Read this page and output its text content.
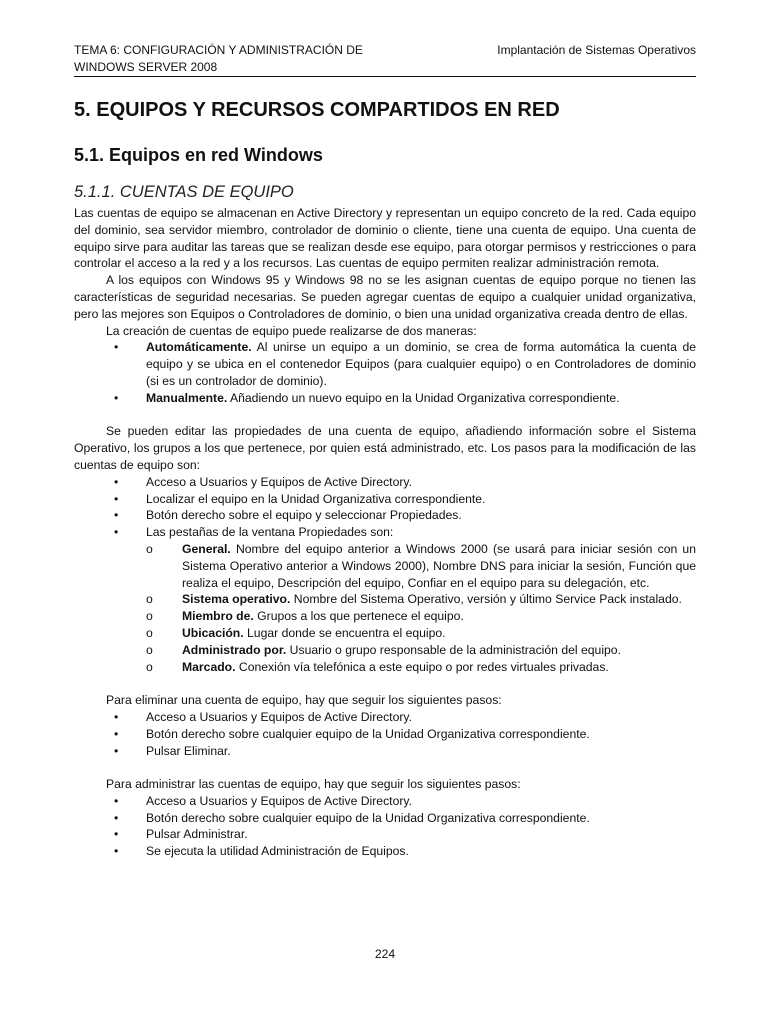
TEMA 6: CONFIGURACIÓN Y ADMINISTRACIÓN DE WINDOWS SERVER 2008
Implantación de Sistemas Operativos
5. EQUIPOS Y RECURSOS COMPARTIDOS EN RED
5.1. Equipos en red Windows
5.1.1. CUENTAS DE EQUIPO

Las cuentas de equipo se almacenan en Active Directory y representan un equipo concreto de la red. Cada equipo del dominio, sea servidor miembro, controlador de dominio o cliente, tiene una cuenta de equipo. Una cuenta de equipo sirve para auditar las tareas que se realizan desde ese equipo, para otorgar permisos y restricciones o para controlar el acceso a la red y a los recursos. Las cuentas de equipo permiten realizar administración remota.

A los equipos con Windows 95 y Windows 98 no se les asignan cuentas de equipo porque no tienen las características de seguridad necesarias. Se pueden agregar cuentas de equipo a cualquier unidad organizativa, pero las mejores son Equipos o Controladores de dominio, o bien una unidad organizativa creada dentro de ellas.

La creación de cuentas de equipo puede realizarse de dos maneras:

• Automáticamente. Al unirse un equipo a un dominio, se crea de forma automática la cuenta de equipo y se ubica en el contenedor Equipos (para cualquier equipo) o en Controladores de dominio (si es un controlador de dominio).
• Manualmente. Añadiendo un nuevo equipo en la Unidad Organizativa correspondiente.

Se pueden editar las propiedades de una cuenta de equipo, añadiendo información sobre el Sistema Operativo, los grupos a los que pertenece, por quien está administrado, etc. Los pasos para la modificación de las cuentas de equipo son:

• Acceso a Usuarios y Equipos de Active Directory.
• Localizar el equipo en la Unidad Organizativa correspondiente.
• Botón derecho sobre el equipo y seleccionar Propiedades.
• Las pestañas de la ventana Propiedades son:
o General. Nombre del equipo anterior a Windows 2000 (se usará para iniciar sesión con un Sistema Operativo anterior a Windows 2000), Nombre DNS para iniciar la sesión, Función que realiza el equipo, Descripción del equipo, Confiar en el equipo para su delegación, etc.
o Sistema operativo. Nombre del Sistema Operativo, versión y último Service Pack instalado.
o Miembro de. Grupos a los que pertenece el equipo.
o Ubicación. Lugar donde se encuentra el equipo.
o Administrado por. Usuario o grupo responsable de la administración del equipo.
o Marcado. Conexión vía telefónica a este equipo o por redes virtuales privadas.

Para eliminar una cuenta de equipo, hay que seguir los siguientes pasos:

• Acceso a Usuarios y Equipos de Active Directory.
• Botón derecho sobre cualquier equipo de la Unidad Organizativa correspondiente.
• Pulsar Eliminar.

Para administrar las cuentas de equipo, hay que seguir los siguientes pasos:

• Acceso a Usuarios y Equipos de Active Directory.
• Botón derecho sobre cualquier equipo de la Unidad Organizativa correspondiente.
• Pulsar Administrar.
• Se ejecuta la utilidad Administración de Equipos.
224
